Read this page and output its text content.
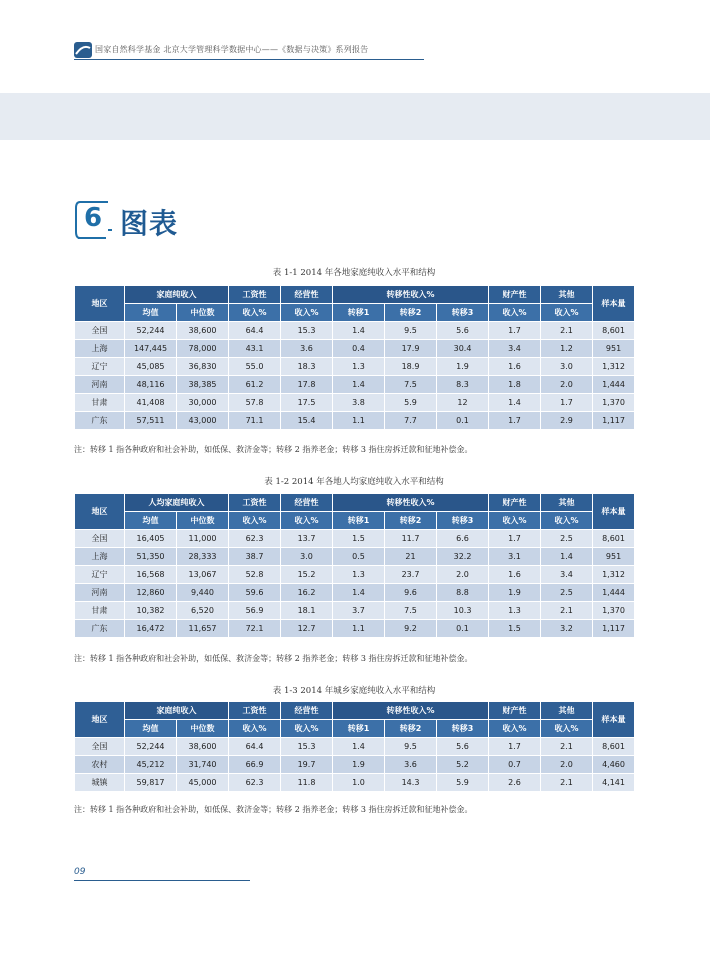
国家自然科学基金 北京大学管理科学数据中心——《数据与决策》系列报告
6 图表
表 1-1 2014 年各地家庭纯收入水平和结构
地区	家庭纯收入		工资性	经营性	转移性收入%			财产性	其他	样本量
	均值	中位数	收入%	收入%	转移1	转移2	转移3	收入%	收入%	
全国	52,244	38,600	64.4	15.3	1.4	9.5	5.6	1.7	2.1	8,601
上海	147,445	78,000	43.1	3.6	0.4	17.9	30.4	3.4	1.2	951
辽宁	45,085	36,830	55.0	18.3	1.3	18.9	1.9	1.6	3.0	1,312
河南	48,116	38,385	61.2	17.8	1.4	7.5	8.3	1.8	2.0	1,444
甘肃	41,408	30,000	57.8	17.5	3.8	5.9	12	1.4	1.7	1,370
广东	57,511	43,000	71.1	15.4	1.1	7.7	0.1	1.7	2.9	1,117
注：转移 1 指各种政府和社会补助，如低保、救济金等；转移 2 指养老金；转移 3 指住房拆迁款和征地补偿金。
表 1-2 2014 年各地人均家庭纯收入水平和结构
地区	人均家庭纯收入		工资性	经营性	转移性收入%			财产性	其他	样本量
	均值	中位数	收入%	收入%	转移1	转移2	转移3	收入%	收入%	
全国	16,405	11,000	62.3	13.7	1.5	11.7	6.6	1.7	2.5	8,601
上海	51,350	28,333	38.7	3.0	0.5	21	32.2	3.1	1.4	951
辽宁	16,568	13,067	52.8	15.2	1.3	23.7	2.0	1.6	3.4	1,312
河南	12,860	9,440	59.6	16.2	1.4	9.6	8.8	1.9	2.5	1,444
甘肃	10,382	6,520	56.9	18.1	3.7	7.5	10.3	1.3	2.1	1,370
广东	16,472	11,657	72.1	12.7	1.1	9.2	0.1	1.5	3.2	1,117
注：转移 1 指各种政府和社会补助，如低保、救济金等；转移 2 指养老金；转移 3 指住房拆迁款和征地补偿金。
表 1-3 2014 年城乡家庭纯收入水平和结构
地区	家庭纯收入		工资性	经营性	转移性收入%			财产性	其他	样本量
	均值	中位数	收入%	收入%	转移1	转移2	转移3	收入%	收入%	
全国	52,244	38,600	64.4	15.3	1.4	9.5	5.6	1.7	2.1	8,601
农村	45,212	31,740	66.9	19.7	1.9	3.6	5.2	0.7	2.0	4,460
城镇	59,817	45,000	62.3	11.8	1.0	14.3	5.9	2.6	2.1	4,141
注：转移 1 指各种政府和社会补助，如低保、救济金等；转移 2 指养老金；转移 3 指住房拆迁款和征地补偿金。
09
